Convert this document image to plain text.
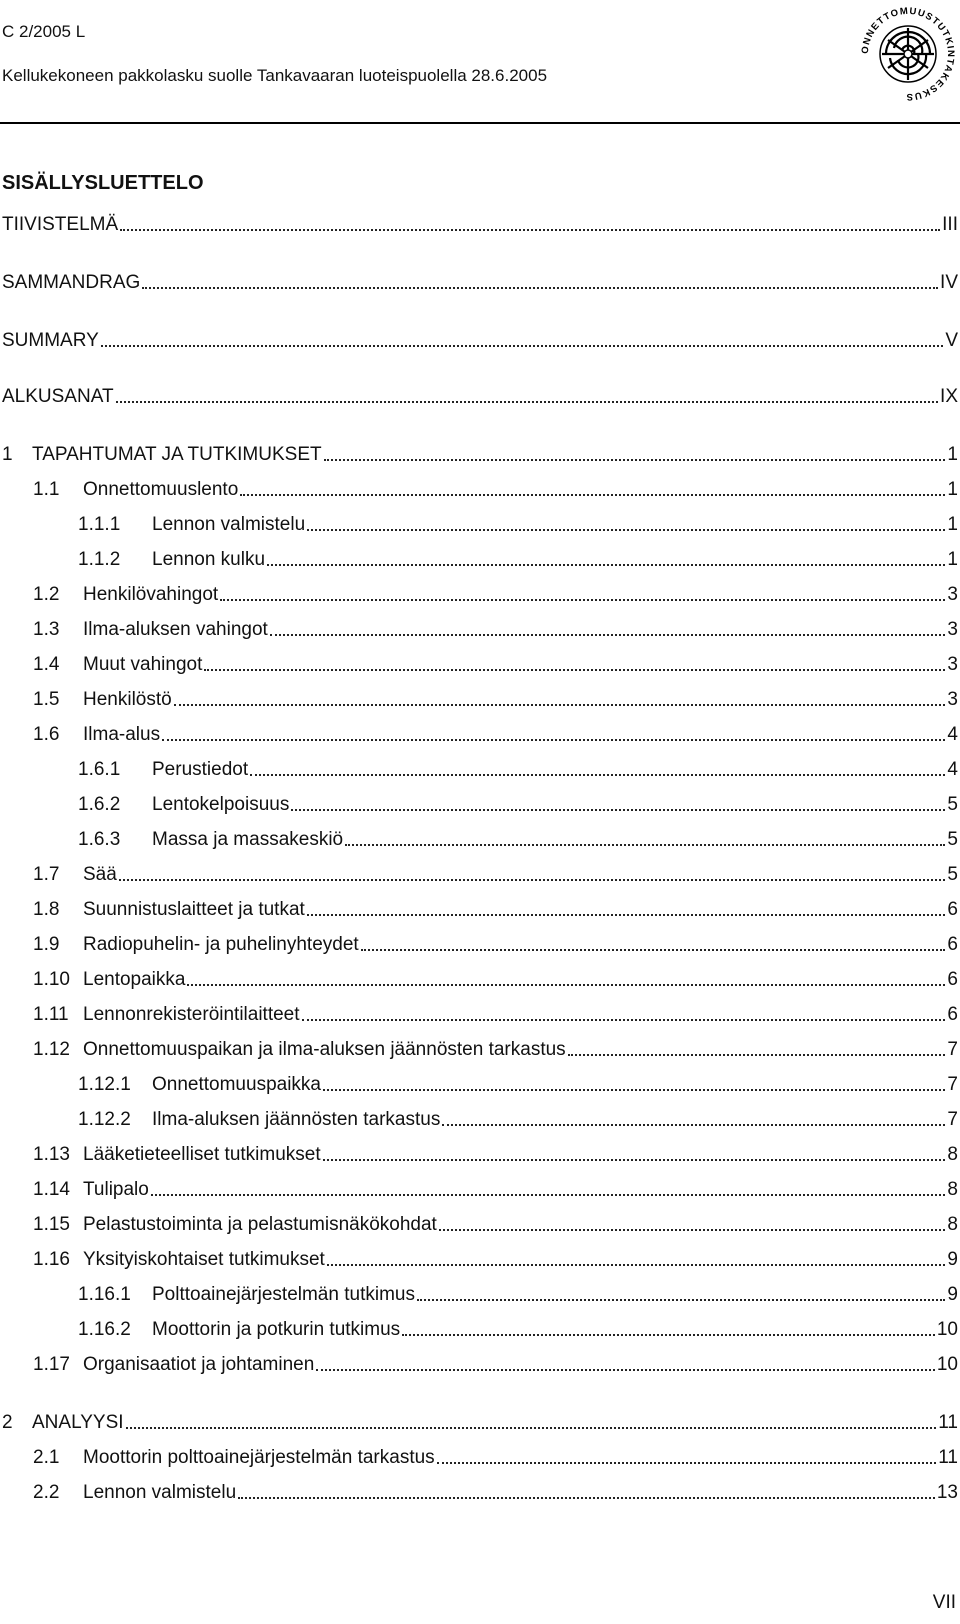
C 2/2005 L
Kellukekoneen pakkolasku suolle Tankavaaran luoteispuolella 28.6.2005
ONNETTOMUUSTUTKINTAKESKUS
SISÄLLYSLUETTELO
TIIVISTELMÄ	III
SAMMANDRAG	IV
SUMMARY	V
ALKUSANAT	IX
1	TAPAHTUMAT JA TUTKIMUKSET	1
1.1	Onnettomuuslento	1
1.1.1	Lennon valmistelu	1
1.1.2	Lennon kulku	1
1.2	Henkilövahingot	3
1.3	Ilma-aluksen vahingot	3
1.4	Muut vahingot	3
1.5	Henkilöstö	3
1.6	Ilma-alus	4
1.6.1	Perustiedot	4
1.6.2	Lentokelpoisuus	5
1.6.3	Massa ja massakeskiö	5
1.7	Sää	5
1.8	Suunnistuslaitteet ja tutkat	6
1.9	Radiopuhelin- ja puhelinyhteydet	6
1.10 Lentopaikka	6
1.11 Lennonrekisteröintilaitteet	6
1.12 Onnettomuuspaikan ja ilma-aluksen jäännösten tarkastus	7
1.12.1	Onnettomuuspaikka	7
1.12.2	Ilma-aluksen jäännösten tarkastus	7
1.13 Lääketieteelliset tutkimukset	8
1.14 Tulipalo	8
1.15 Pelastustoiminta ja pelastumisnäkökohdat	8
1.16 Yksityiskohtaiset tutkimukset	9
1.16.1	Polttoainejärjestelmän tutkimus	9
1.16.2	Moottorin ja potkurin tutkimus	10
1.17 Organisaatiot ja johtaminen	10
2	ANALYYSI	11
2.1	Moottorin polttoainejärjestelmän tarkastus	11
2.2	Lennon valmistelu	13
VII
